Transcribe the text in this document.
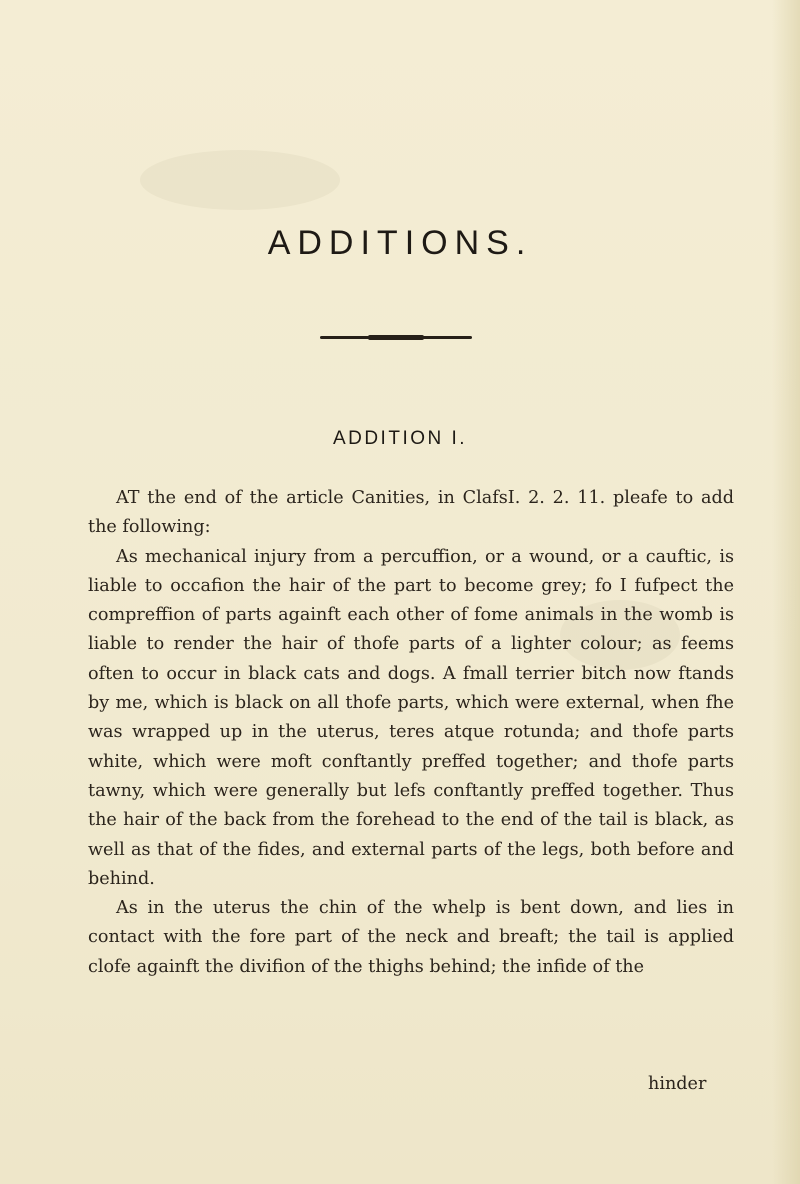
ADDITIONS.
ADDITION I.

AT the end of the article Canities, in ClafsI. 2. 2. 11. pleafe to add the following:

As mechanical injury from a percuffion, or a wound, or a cauftic, is liable to occafion the hair of the part to become grey; fo I fufpect the compreffion of parts againft each other of fome animals in the womb is liable to render the hair of thofe parts of a lighter colour; as feems often to occur in black cats and dogs. A fmall terrier bitch now ftands by me, which is black on all thofe parts, which were external, when fhe was wrapped up in the uterus, teres atque rotunda; and thofe parts white, which were moft conftantly preffed together; and thofe parts tawny, which were generally but lefs conftantly preffed together. Thus the hair of the back from the forehead to the end of the tail is black, as well as that of the fides, and external parts of the legs, both before and behind.

As in the uterus the chin of the whelp is bent down, and lies in contact with the fore part of the neck and breaft; the tail is applied clofe againft the divifion of the thighs behind; the infide of the

hinder
